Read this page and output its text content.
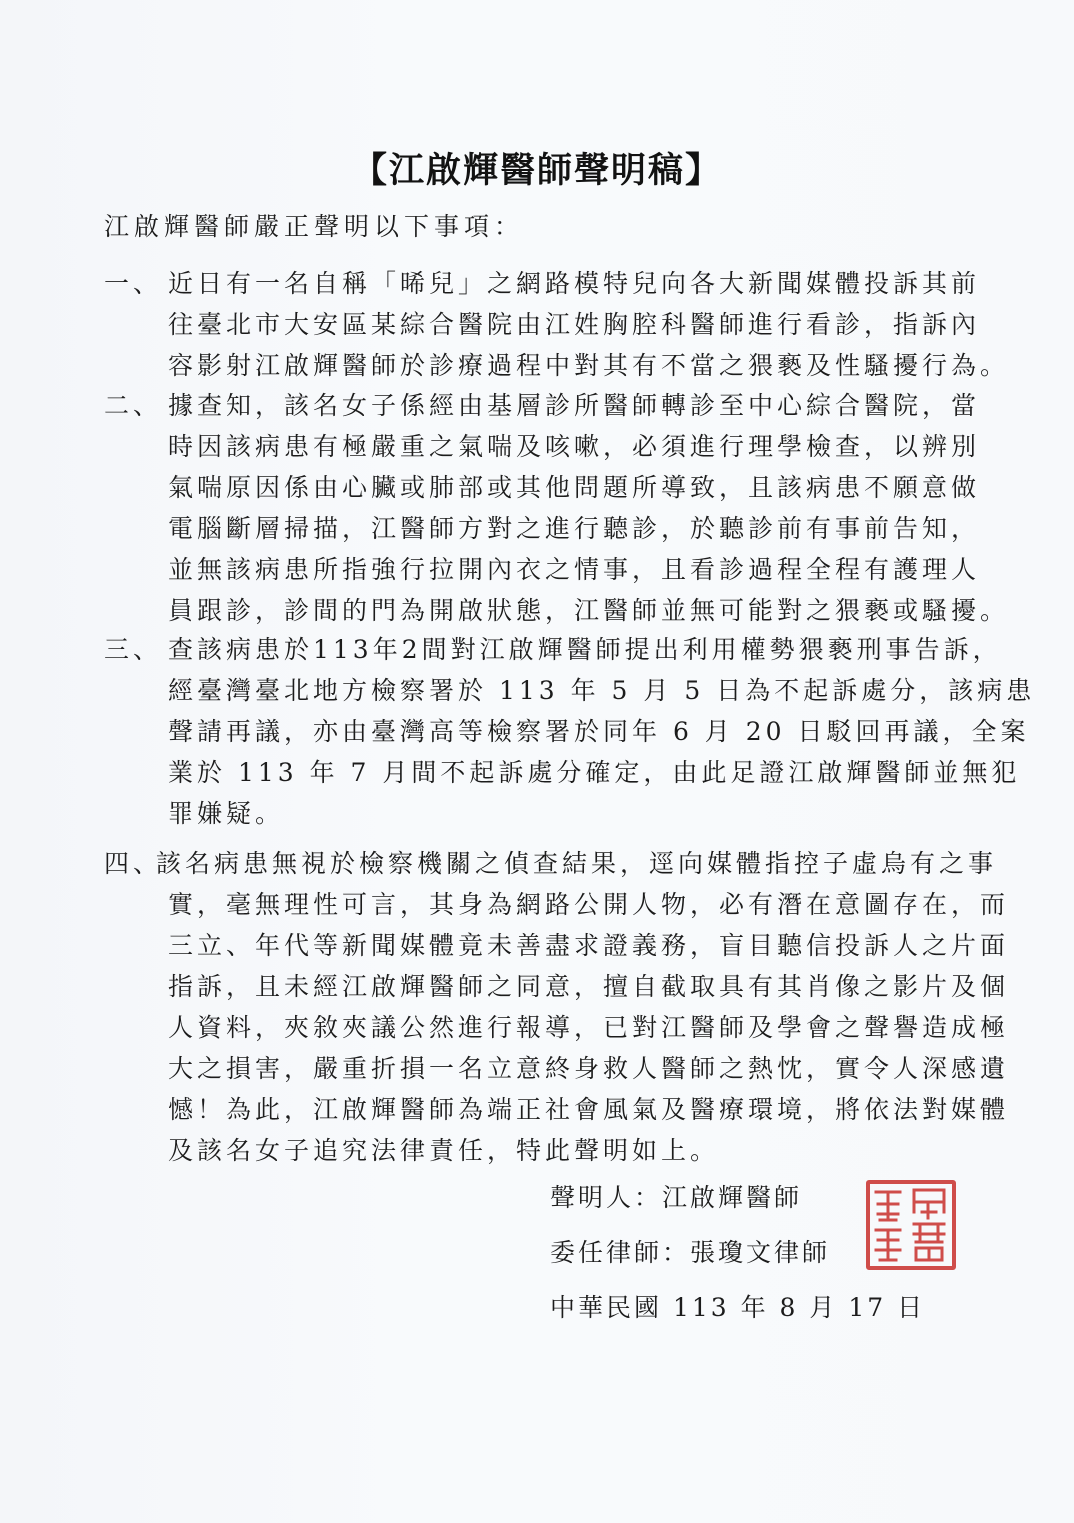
【江啟輝醫師聲明稿】
江啟輝醫師嚴正聲明以下事項：
一、 近日有一名自稱「晞兒」之網路模特兒向各大新聞媒體投訴其前
往臺北市大安區某綜合醫院由江姓胸腔科醫師進行看診，指訴內
容影射江啟輝醫師於診療過程中對其有不當之猥褻及性騷擾行為。
二、 據查知，該名女子係經由基層診所醫師轉診至中心綜合醫院，當
時因該病患有極嚴重之氣喘及咳嗽，必須進行理學檢查，以辨別
氣喘原因係由心臟或肺部或其他問題所導致，且該病患不願意做
電腦斷層掃描，江醫師方對之進行聽診，於聽診前有事前告知，
並無該病患所指強行拉開內衣之情事，且看診過程全程有護理人
員跟診，診間的門為開啟狀態，江醫師並無可能對之猥褻或騷擾。
三、 查該病患於113年2間對江啟輝醫師提出利用權勢猥褻刑事告訴，
經臺灣臺北地方檢察署於 113 年 5 月 5 日為不起訴處分，該病患
聲請再議，亦由臺灣高等檢察署於同年 6 月 20 日駁回再議，全案
業於 113 年 7 月間不起訴處分確定，由此足證江啟輝醫師並無犯
罪嫌疑。
四、
該名病患無視於檢察機關之偵查結果，逕向媒體指控子虛烏有之事
實，毫無理性可言，其身為網路公開人物，必有潛在意圖存在，而
三立、年代等新聞媒體竟未善盡求證義務，盲目聽信投訴人之片面
指訴，且未經江啟輝醫師之同意，擅自截取具有其肖像之影片及個
人資料，夾敘夾議公然進行報導，已對江醫師及學會之聲譽造成極
大之損害，嚴重折損一名立意終身救人醫師之熱忱，實令人深感遺
憾！為此，江啟輝醫師為端正社會風氣及醫療環境，將依法對媒體
及該名女子追究法律責任，特此聲明如上。
聲明人：江啟輝醫師
委任律師：張瓊文律師
中華民國 113 年 8 月 17 日
